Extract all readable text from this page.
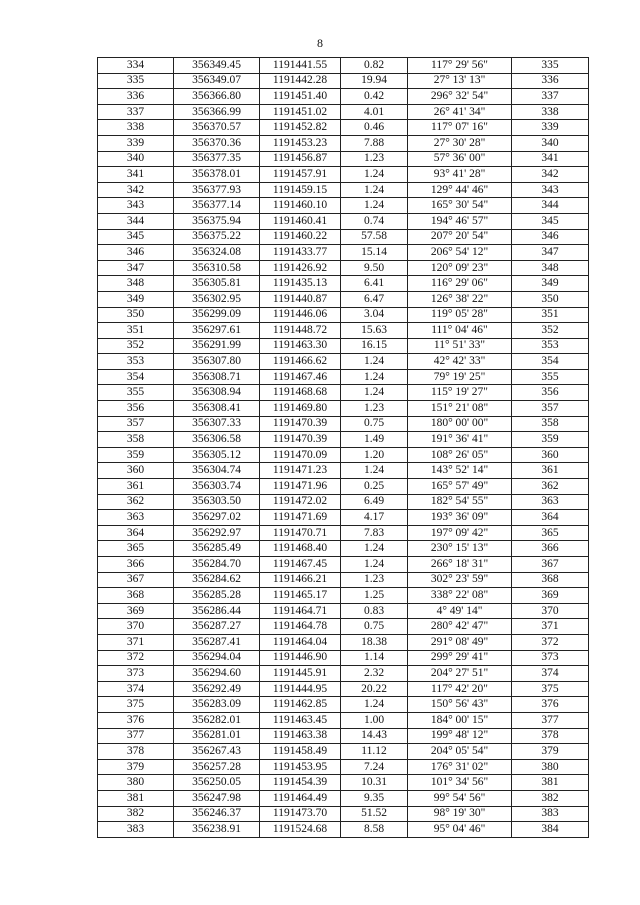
8
334	356349.45	1191441.55	0.82	117° 29' 56"	335
335	356349.07	1191442.28	19.94	27° 13' 13"	336
336	356366.80	1191451.40	0.42	296° 32' 54"	337
337	356366.99	1191451.02	4.01	26° 41' 34"	338
338	356370.57	1191452.82	0.46	117° 07' 16"	339
339	356370.36	1191453.23	7.88	27° 30' 28"	340
340	356377.35	1191456.87	1.23	57° 36' 00"	341
341	356378.01	1191457.91	1.24	93° 41' 28"	342
342	356377.93	1191459.15	1.24	129° 44' 46"	343
343	356377.14	1191460.10	1.24	165° 30' 54"	344
344	356375.94	1191460.41	0.74	194° 46' 57"	345
345	356375.22	1191460.22	57.58	207° 20' 54"	346
346	356324.08	1191433.77	15.14	206° 54' 12"	347
347	356310.58	1191426.92	9.50	120° 09' 23"	348
348	356305.81	1191435.13	6.41	116° 29' 06"	349
349	356302.95	1191440.87	6.47	126° 38' 22"	350
350	356299.09	1191446.06	3.04	119° 05' 28"	351
351	356297.61	1191448.72	15.63	111° 04' 46"	352
352	356291.99	1191463.30	16.15	11° 51' 33"	353
353	356307.80	1191466.62	1.24	42° 42' 33"	354
354	356308.71	1191467.46	1.24	79° 19' 25"	355
355	356308.94	1191468.68	1.24	115° 19' 27"	356
356	356308.41	1191469.80	1.23	151° 21' 08"	357
357	356307.33	1191470.39	0.75	180° 00' 00"	358
358	356306.58	1191470.39	1.49	191° 36' 41"	359
359	356305.12	1191470.09	1.20	108° 26' 05"	360
360	356304.74	1191471.23	1.24	143° 52' 14"	361
361	356303.74	1191471.96	0.25	165° 57' 49"	362
362	356303.50	1191472.02	6.49	182° 54' 55"	363
363	356297.02	1191471.69	4.17	193° 36' 09"	364
364	356292.97	1191470.71	7.83	197° 09' 42"	365
365	356285.49	1191468.40	1.24	230° 15' 13"	366
366	356284.70	1191467.45	1.24	266° 18' 31"	367
367	356284.62	1191466.21	1.23	302° 23' 59"	368
368	356285.28	1191465.17	1.25	338° 22' 08"	369
369	356286.44	1191464.71	0.83	4° 49' 14"	370
370	356287.27	1191464.78	0.75	280° 42' 47"	371
371	356287.41	1191464.04	18.38	291° 08' 49"	372
372	356294.04	1191446.90	1.14	299° 29' 41"	373
373	356294.60	1191445.91	2.32	204° 27' 51"	374
374	356292.49	1191444.95	20.22	117° 42' 20"	375
375	356283.09	1191462.85	1.24	150° 56' 43"	376
376	356282.01	1191463.45	1.00	184° 00' 15"	377
377	356281.01	1191463.38	14.43	199° 48' 12"	378
378	356267.43	1191458.49	11.12	204° 05' 54"	379
379	356257.28	1191453.95	7.24	176° 31' 02"	380
380	356250.05	1191454.39	10.31	101° 34' 56"	381
381	356247.98	1191464.49	9.35	99° 54' 56"	382
382	356246.37	1191473.70	51.52	98° 19' 30"	383
383	356238.91	1191524.68	8.58	95° 04' 46"	384
